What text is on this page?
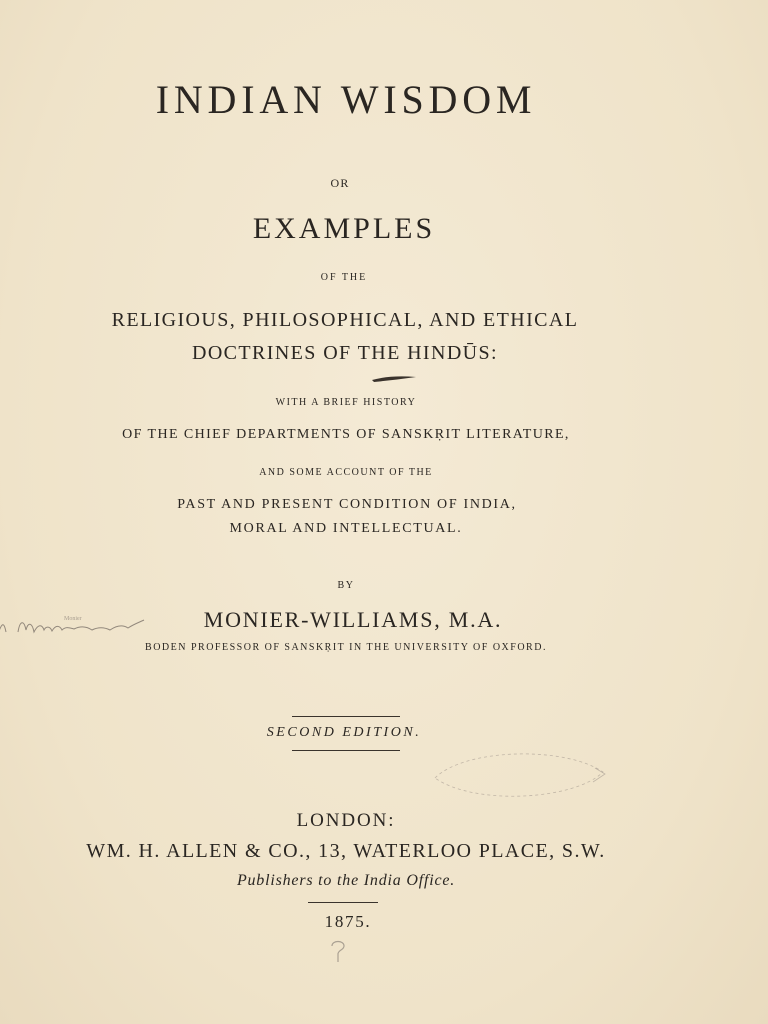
INDIAN WISDOM
OR
EXAMPLES
OF THE
RELIGIOUS, PHILOSOPHICAL, AND ETHICAL
DOCTRINES OF THE HINDŪS:
WITH A BRIEF HISTORY
OF THE CHIEF DEPARTMENTS OF SANSKṚIT LITERATURE,
AND SOME ACCOUNT OF THE
PAST AND PRESENT CONDITION OF INDIA,
MORAL AND INTELLECTUAL.
BY
Monier	MONIER-WILLIAMS, M.A.
BODEN PROFESSOR OF SANSKṚIT IN THE UNIVERSITY OF OXFORD.
SECOND EDITION.
LONDON:
WM. H. ALLEN & CO., 13, WATERLOO PLACE, S.W.
Publishers to the India Office.
1875.
